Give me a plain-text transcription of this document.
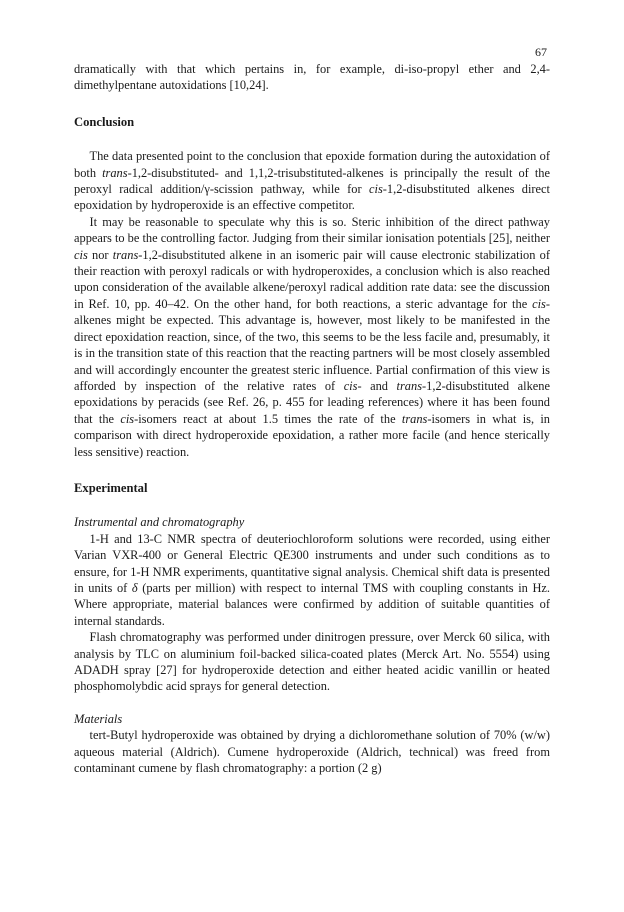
67

dramatically with that which pertains in, for example, di-iso-propyl ether and 2,4-dimethylpentane autoxidations [10,24].

Conclusion

The data presented point to the conclusion that epoxide formation during the autoxidation of both trans-1,2-disubstituted- and 1,1,2-trisubstituted-alkenes is principally the result of the peroxyl radical addition/γ-scission pathway, while for cis-1,2-disubstituted alkenes direct epoxidation by hydroperoxide is an effective competitor.

It may be reasonable to speculate why this is so. Steric inhibition of the direct pathway appears to be the controlling factor. Judging from their similar ionisation potentials [25], neither cis nor trans-1,2-disubstituted alkene in an isomeric pair will cause electronic stabilization of their reaction with peroxyl radicals or with hydroperoxides, a conclusion which is also reached upon consideration of the available alkene/peroxyl radical addition rate data: see the discussion in Ref. 10, pp. 40–42. On the other hand, for both reactions, a steric advantage for the cis-alkenes might be expected. This advantage is, however, most likely to be manifested in the direct epoxidation reaction, since, of the two, this seems to be the less facile and, presumably, it is in the transition state of this reaction that the reacting partners will be most closely assembled and will accordingly encounter the greatest steric influence. Partial confirmation of this view is afforded by inspection of the relative rates of cis- and trans-1,2-disubstituted alkene epoxidations by peracids (see Ref. 26, p. 455 for leading references) where it has been found that the cis-isomers react at about 1.5 times the rate of the trans-isomers in what is, in comparison with direct hydroperoxide epoxidation, a rather more facile (and hence sterically less sensitive) reaction.

Experimental
Instrumental and chromatography

1-H and 13-C NMR spectra of deuteriochloroform solutions were recorded, using either Varian VXR-400 or General Electric QE300 instruments and under such conditions as to ensure, for 1-H NMR experiments, quantitative signal analysis. Chemical shift data is presented in units of δ (parts per million) with respect to internal TMS with coupling constants in Hz. Where appropriate, material balances were confirmed by addition of suitable quantities of internal standards.

Flash chromatography was performed under dinitrogen pressure, over Merck 60 silica, with analysis by TLC on aluminium foil-backed silica-coated plates (Merck Art. No. 5554) using ADADH spray [27] for hydroperoxide detection and either heated acidic vanillin or heated phosphomolybdic acid sprays for general detection.

Materials

tert-Butyl hydroperoxide was obtained by drying a dichloromethane solution of 70% (w/w) aqueous material (Aldrich). Cumene hydroperoxide (Aldrich, technical) was freed from contaminant cumene by flash chromatography: a portion (2 g)
